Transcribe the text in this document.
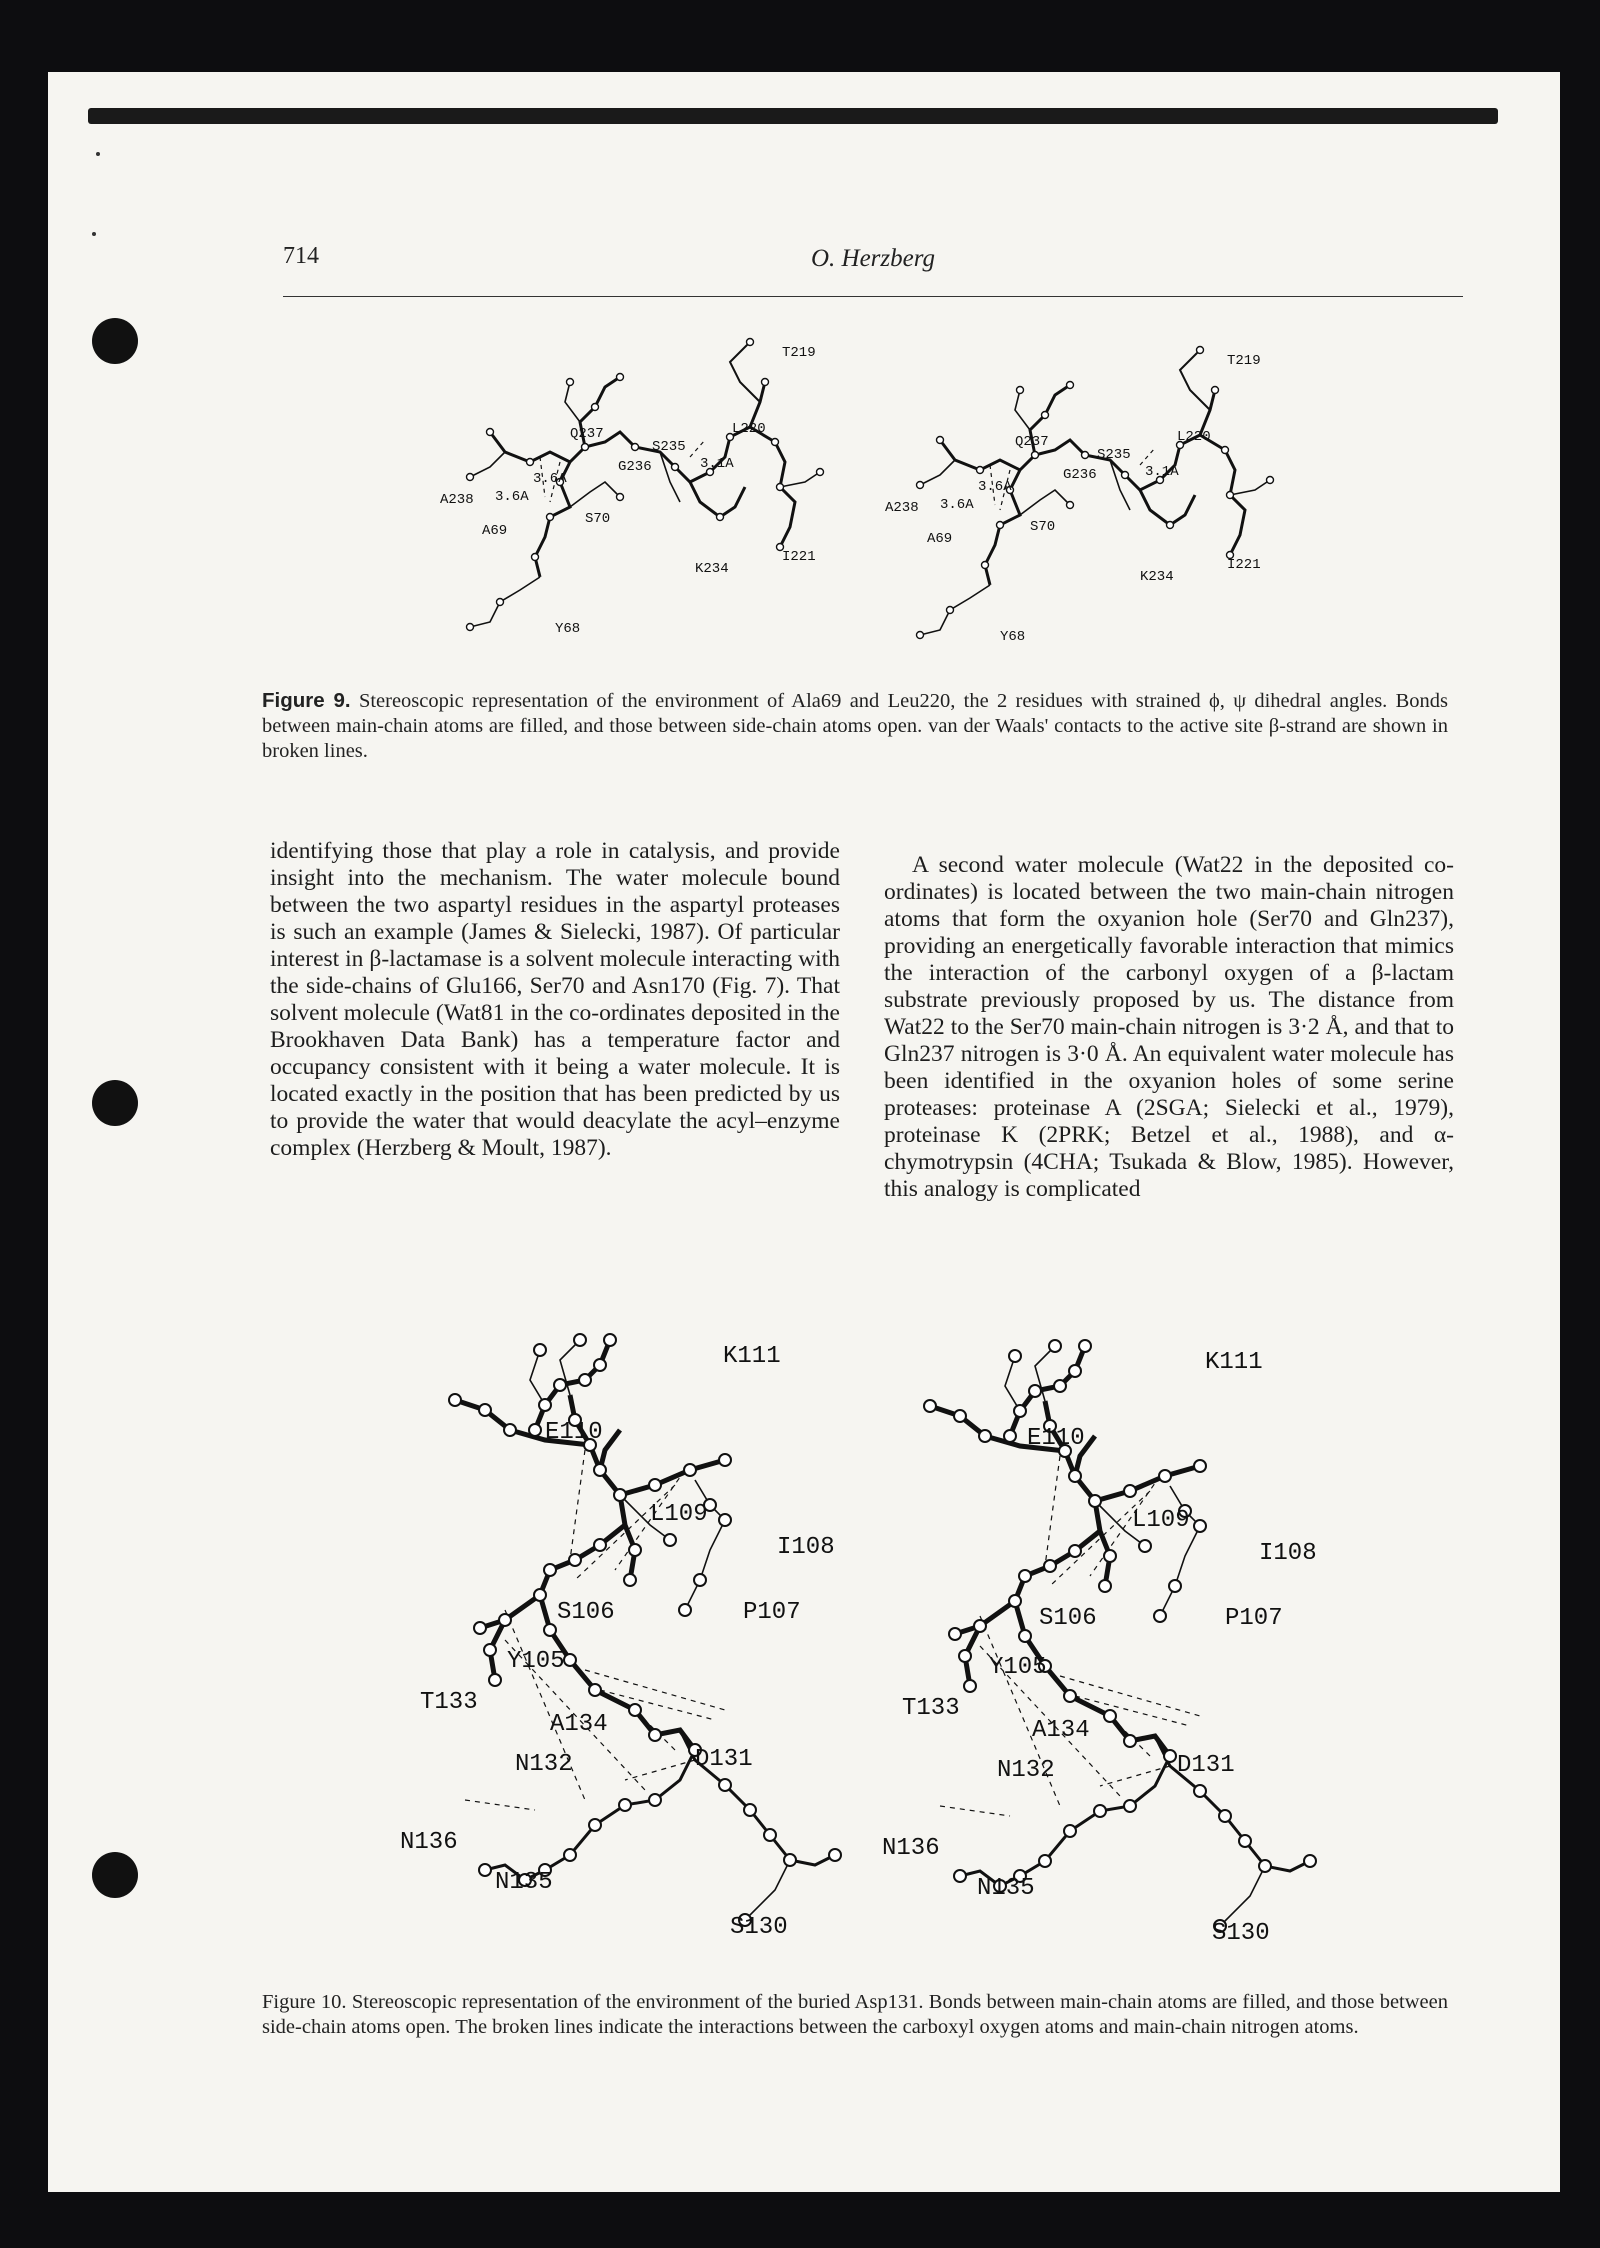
714	O. Herzberg
T219
Q237
S235
L220
A238 3.6A
3.6A
G236	3.1A
A69
S70
K234
I221
Y68
T219
Q237
S235
L220
A238 3.6A
3.6A
G236	3.1A
A69
S70
K234
I221
Y68
Figure 9. Stereoscopic representation of the environment of Ala69 and Leu220, the 2 residues with strained ϕ, ψ dihedral angles. Bonds between main-chain atoms are filled, and those between side-chain atoms open. van der Waals' contacts to the active site β-strand are shown in broken lines.

identifying those that play a role in catalysis, and provide insight into the mechanism. The water molecule bound between the two aspartyl residues in the aspartyl proteases is such an example (James & Sielecki, 1987). Of particular interest in β-lactamase is a solvent molecule interacting with the side-chains of Glu166, Ser70 and Asn170 (Fig. 7). That solvent molecule (Wat81 in the co-ordinates deposited in the Brookhaven Data Bank) has a temperature factor and occupancy consistent with it being a water molecule. It is located exactly in the position that has been predicted by us to provide the water that would deacylate the acyl–enzyme complex (Herzberg & Moult, 1987).

A second water molecule (Wat22 in the deposited co-ordinates) is located between the two main-chain nitrogen atoms that form the oxyanion hole (Ser70 and Gln237), providing an energetically favorable interaction that mimics the interaction of the carbonyl oxygen of a β-lactam substrate previously proposed by us. The distance from Wat22 to the Ser70 main-chain nitrogen is 3·2 Å, and that to Gln237 nitrogen is 3·0 Å. An equivalent water molecule has been identified in the oxyanion holes of some serine proteases: proteinase A (2SGA; Sielecki et al., 1979), proteinase K (2PRK; Betzel et al., 1988), and α-chymotrypsin (4CHA; Tsukada & Blow, 1985). However, this analogy is complicated

K111
E110
L109
I108
S106	P107
Y105
T133
A134
N132	D131
N136
N135
S130
K111
E110
L109
I108
S106	P107
Y105
T133
A134
N132	D131
N136
N135
S130
Figure 10. Stereoscopic representation of the environment of the buried Asp131. Bonds between main-chain atoms are filled, and those between side-chain atoms open. The broken lines indicate the interactions between the carboxyl oxygen atoms and main-chain nitrogen atoms.
